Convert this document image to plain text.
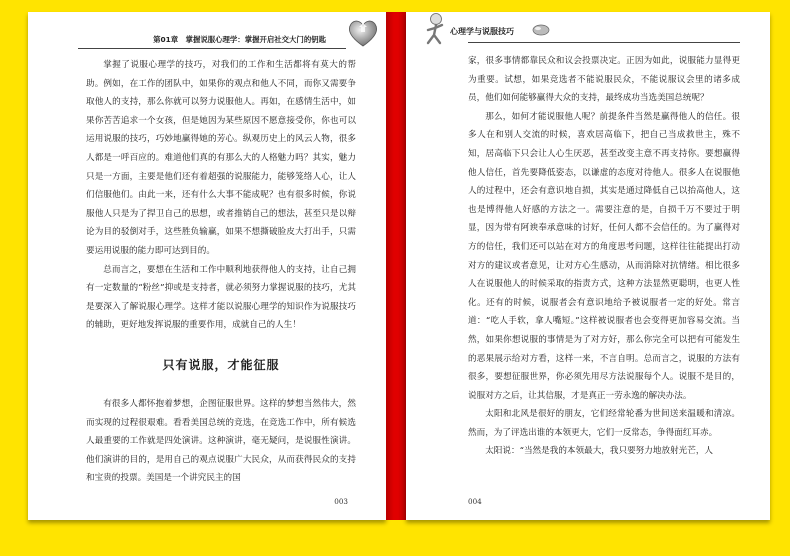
第01章　掌握说服心理学：掌握开启社交大门的钥匙

掌握了说服心理学的技巧，对我们的工作和生活都将有莫大的帮助。例如，在工作的团队中，如果你的观点和他人不同，而你又需要争取他人的支持，那么你就可以努力说服他人。再如，在感情生活中，如果你苦苦追求一个女孩，但是她因为某些原因不愿意接受你，你也可以运用说服的技巧，巧妙地赢得她的芳心。纵观历史上的风云人物，很多人都是一呼百应的。难道他们真的有那么大的人格魅力吗？其实，魅力只是一方面，主要是他们还有着超强的说服能力，能够笼络人心，让人们信服他们。由此一来，还有什么大事不能成呢？也有很多时候，你说服他人只是为了捍卫自己的思想，或者推销自己的想法，甚至只是以辩论为目的驳倒对手，这些胜负输赢，如果不想撕破脸皮大打出手，只需要运用说服的能力即可达到目的。

总而言之，要想在生活和工作中顺利地获得他人的支持，让自己拥有一定数量的“粉丝”抑或是支持者，就必须努力掌握说服的技巧，尤其是要深入了解说服心理学。这样才能以说服心理学的知识作为说服技巧的辅助，更好地发挥说服的重要作用，成就自己的人生！

只有说服，才能征服

有很多人都怀抱着梦想，企图征服世界。这样的梦想当然伟大，然而实现的过程很艰难。看看美国总统的竞选，在竞选工作中，所有候选人最重要的工作就是四处演讲。这种演讲，毫无疑问，是说服性演讲。他们演讲的目的，是用自己的观点说服广大民众，从而获得民众的支持和宝贵的投票。美国是一个讲究民主的国

003
心理学与说服技巧

家，很多事情都靠民众和议会投票决定。正因为如此，说服能力显得更为重要。试想，如果竞选者不能说服民众，不能说服议会里的诸多成员，他们如何能够赢得大众的支持，最终成功当选美国总统呢？

那么，如何才能说服他人呢？前提条件当然是赢得他人的信任。很多人在和别人交流的时候，喜欢居高临下，把自己当成救世主，殊不知，居高临下只会让人心生厌恶，甚至改变主意不再支持你。要想赢得他人信任，首先要降低姿态，以谦虚的态度对待他人。很多人在说服他人的过程中，还会有意识地自损，其实是通过降低自己以抬高他人，这也是博得他人好感的方法之一。需要注意的是，自损千万不要过于明显，因为带有阿谀奉承意味的讨好，任何人都不会信任的。为了赢得对方的信任，我们还可以站在对方的角度思考问题，这样往往能提出打动对方的建议或者意见，让对方心生感动，从而消除对抗情绪。相比很多人在说服他人的时候采取的指责方式，这种方法显然更聪明，也更人性化。还有的时候，说服者会有意识地给予被说服者一定的好处。常言道：“吃人手软，拿人嘴短。”这样被说服者也会变得更加容易交流。当然，如果你想说服的事情是为了对方好，那么你完全可以把有可能发生的恶果展示给对方看，这样一来，不言自明。总而言之，说服的方法有很多，要想征服世界，你必须先用尽方法说服每个人。说服不是目的，说服对方之后，让其信服，才是真正一劳永逸的解决办法。

太阳和北风是很好的朋友，它们经常轮番为世间送来温暖和清凉。然而，为了评选出谁的本领更大，它们一反常态，争得面红耳赤。

太阳说：“当然是我的本领最大，我只要努力地放射光芒，人

004
